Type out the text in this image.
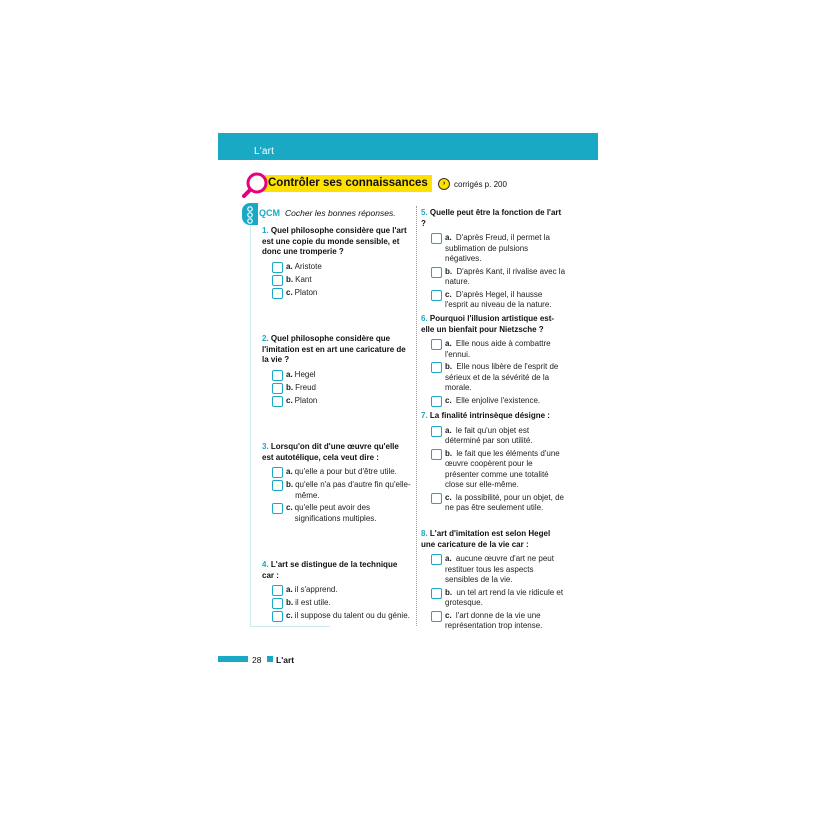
L'art
Contrôler ses connaissances	›	corrigés p. 200
QCM Cocher les bonnes réponses.
1. Quel philosophe considère que l'art est une copie du monde sensible, et donc une tromperie ?
a. Aristote
b. Kant
c. Platon
2. Quel philosophe considère que l'imitation est en art une caricature de la vie ?
a. Hegel
b. Freud
c. Platon
3. Lorsqu'on dit d'une œuvre qu'elle est autotélique, cela veut dire :
a. qu'elle a pour but d'être utile.
b. qu'elle n'a pas d'autre fin qu'elle-même.
c. qu'elle peut avoir des significations multiples.
4. L'art se distingue de la technique car :
a. il s'apprend.
b. il est utile.
c. il suppose du talent ou du génie.
5. Quelle peut être la fonction de l'art ?
a. D'après Freud, il permet la sublimation de pulsions négatives.
b. D'après Kant, il rivalise avec la nature.
c. D'après Hegel, il hausse l'esprit au niveau de la nature.
6. Pourquoi l'illusion artistique est-elle un bienfait pour Nietzsche ?
a. Elle nous aide à combattre l'ennui.
b. Elle nous libère de l'esprit de sérieux et de la sévérité de la morale.
c. Elle enjolive l'existence.
7. La finalité intrinsèque désigne :
a. le fait qu'un objet est déterminé par son utilité.
b. le fait que les éléments d'une œuvre coopèrent pour le présenter comme une totalité close sur elle-même.
c. la possibilité, pour un objet, de ne pas être seulement utile.
8. L'art d'imitation est selon Hegel une caricature de la vie car :
a. aucune œuvre d'art ne peut restituer tous les aspects sensibles de la vie.
b. un tel art rend la vie ridicule et grotesque.
c. l'art donne de la vie une représentation trop intense.
28 L'art
